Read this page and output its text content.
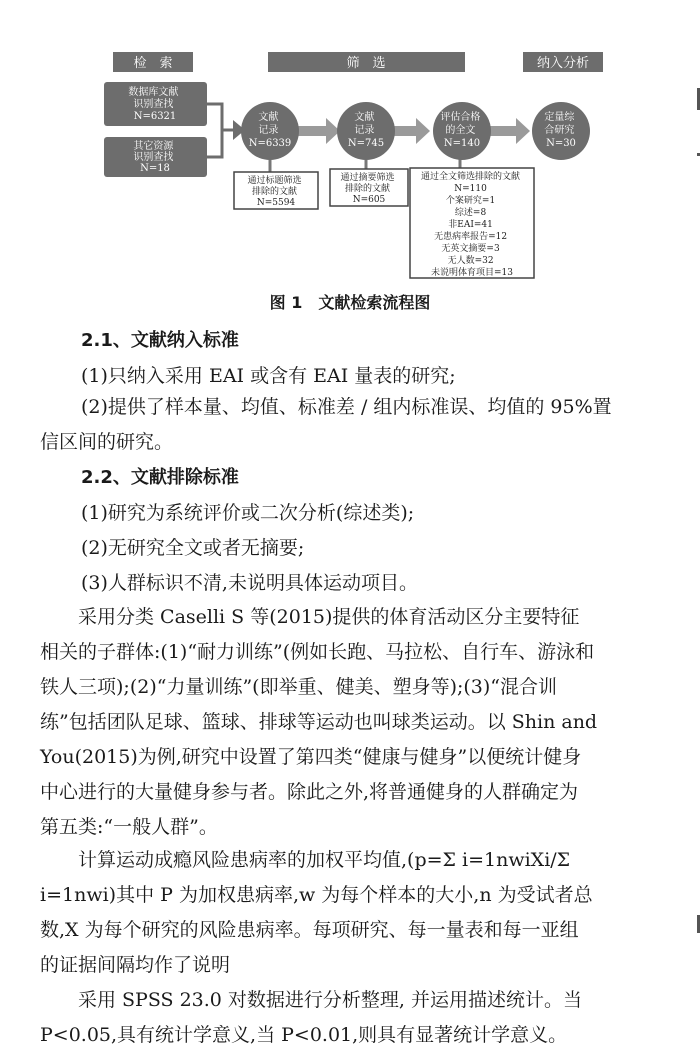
检　索	筛　选	纳入分析
数据库文献 识别查找 N=6321
其它资源 识别查找 N=18
文献 记录 N=6339
文献 记录 N=745
评估合格 的全文 N=140
定量综 合研究 N=30
通过标题筛选 排除的文献 N=5594
通过摘要筛选 排除的文献 N=605
通过全文筛选排除的文献 N=110 个案研究=1 综述=8 非EAI=41 无患病率报告=12 无英文摘要=3 无人数=32 未说明体育项目=13
图 1　文献检索流程图
2.1、文献纳入标准
(1)只纳入采用 EAI 或含有 EAI 量表的研究;
(2)提供了样本量、均值、标准差 / 组内标准误、均值的 95%置
信区间的研究。
2.2、文献排除标准
(1)研究为系统评价或二次分析(综述类);
(2)无研究全文或者无摘要;
(3)人群标识不清,未说明具体运动项目。
　　采用分类 Caselli S 等(2015)提供的体育活动区分主要特征
相关的子群体:(1)“耐力训练”(例如长跑、马拉松、自行车、游泳和
铁人三项);(2)“力量训练”(即举重、健美、塑身等);(3)“混合训
练”包括团队足球、篮球、排球等运动也叫球类运动。以 Shin and
You(2015)为例,研究中设置了第四类“健康与健身”以便统计健身
中心进行的大量健身参与者。除此之外,将普通健身的人群确定为
第五类:“一般人群”。
　　计算运动成瘾风险患病率的加权平均值,(p=Σ i=1nwiXi/Σ
i=1nwi)其中 P 为加权患病率,w 为每个样本的大小,n 为受试者总
数,X 为每个研究的风险患病率。每项研究、每一量表和每一亚组
的证据间隔均作了说明
　　采用 SPSS 23.0 对数据进行分析整理, 并运用描述统计。当
P<0.05,具有统计学意义,当 P<0.01,则具有显著统计学意义。
